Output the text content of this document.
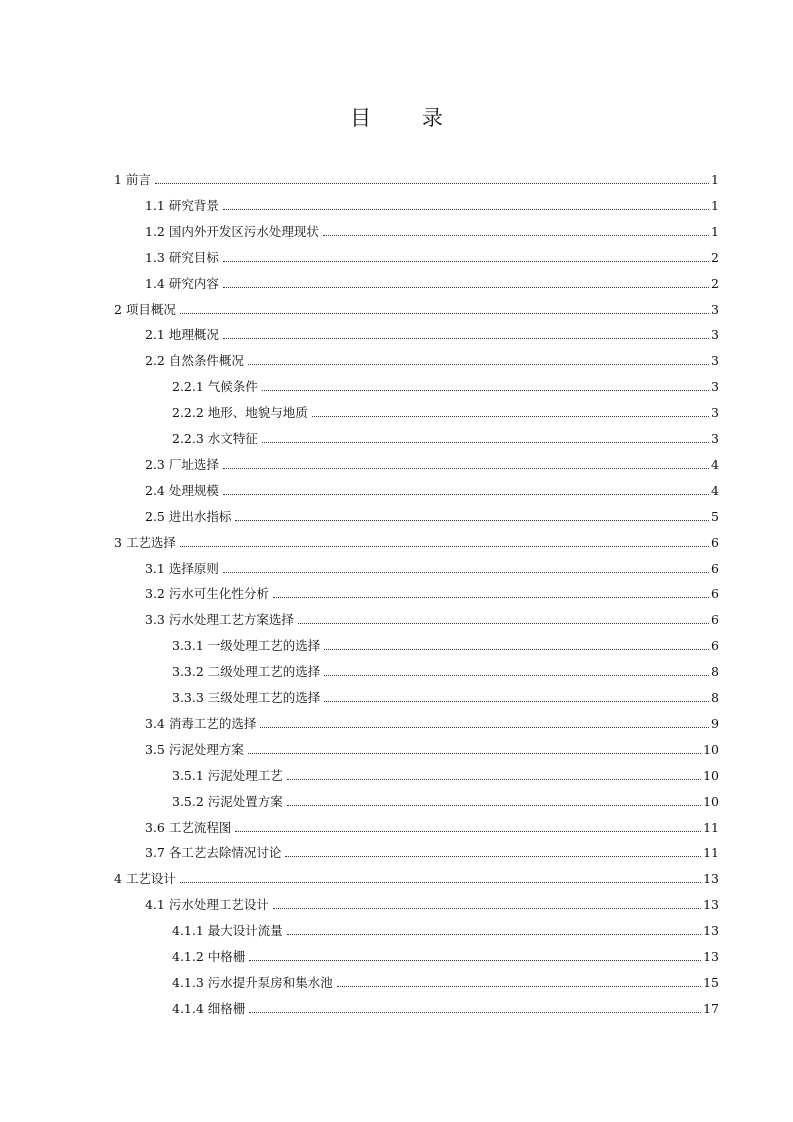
目 录
1 前言	1
1.1 研究背景	1
1.2 国内外开发区污水处理现状	1
1.3 研究目标	2
1.4 研究内容	2
2 项目概况	3
2.1 地理概况	3
2.2 自然条件概况	3
2.2.1 气候条件	3
2.2.2 地形、地貌与地质	3
2.2.3 水文特征	3
2.3 厂址选择	4
2.4 处理规模	4
2.5 进出水指标	5
3 工艺选择	6
3.1 选择原则	6
3.2 污水可生化性分析	6
3.3 污水处理工艺方案选择	6
3.3.1 一级处理工艺的选择	6
3.3.2 二级处理工艺的选择	8
3.3.3 三级处理工艺的选择	8
3.4 消毒工艺的选择	9
3.5 污泥处理方案	10
3.5.1 污泥处理工艺	10
3.5.2 污泥处置方案	10
3.6 工艺流程图	11
3.7 各工艺去除情况讨论	11
4 工艺设计	13
4.1 污水处理工艺设计	13
4.1.1 最大设计流量	13
4.1.2 中格栅	13
4.1.3 污水提升泵房和集水池	15
4.1.4 细格栅	17
